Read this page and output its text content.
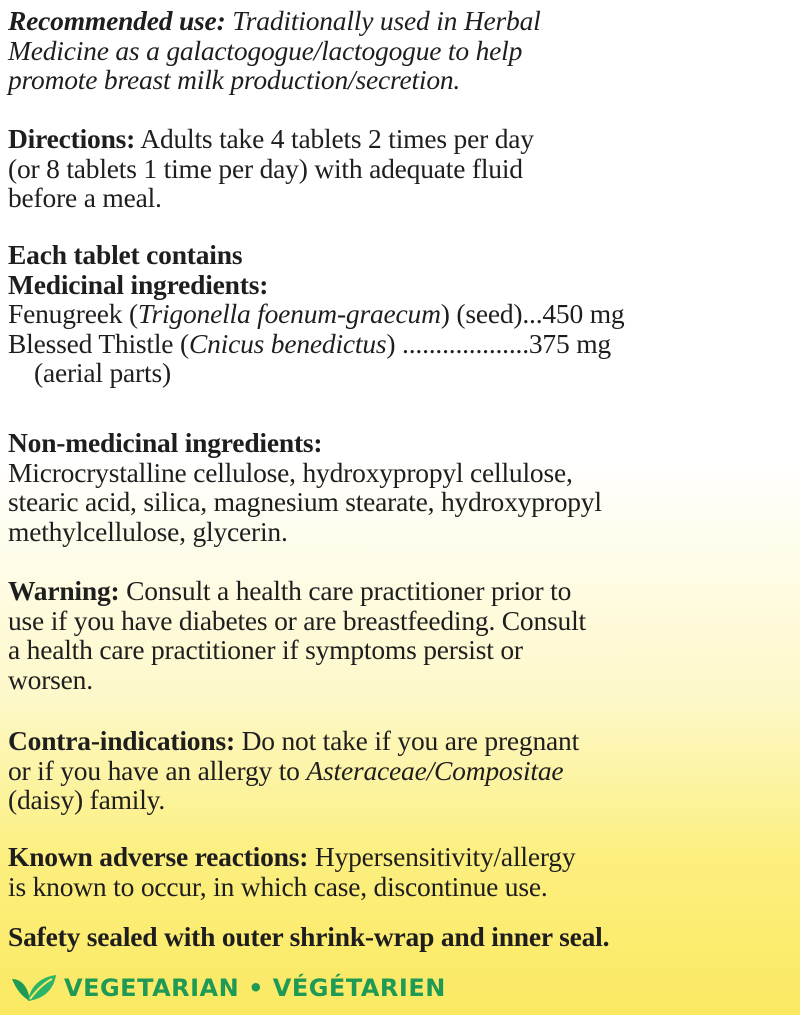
Recommended use: Traditionally used in Herbal
Medicine as a galactogogue/lactogogue to help
promote breast milk production/secretion.
Directions: Adults take 4 tablets 2 times per day
(or 8 tablets 1 time per day) with adequate fluid
before a meal.
Each tablet contains
Medicinal ingredients:
Fenugreek (Trigonella foenum-graecum) (seed)...450 mg
Blessed Thistle (Cnicus benedictus) ...................375 mg
(aerial parts)
Non-medicinal ingredients:
Microcrystalline cellulose, hydroxypropyl cellulose,
stearic acid, silica, magnesium stearate, hydroxypropyl
methylcellulose, glycerin.
Warning: Consult a health care practitioner prior to
use if you have diabetes or are breastfeeding. Consult
a health care practitioner if symptoms persist or
worsen.
Contra-indications: Do not take if you are pregnant
or if you have an allergy to Asteraceae/Compositae
(daisy) family.
Known adverse reactions: Hypersensitivity/allergy
is known to occur, in which case, discontinue use.
Safety sealed with outer shrink-wrap and inner seal.
VEGETARIAN • VÉGÉTARIEN
